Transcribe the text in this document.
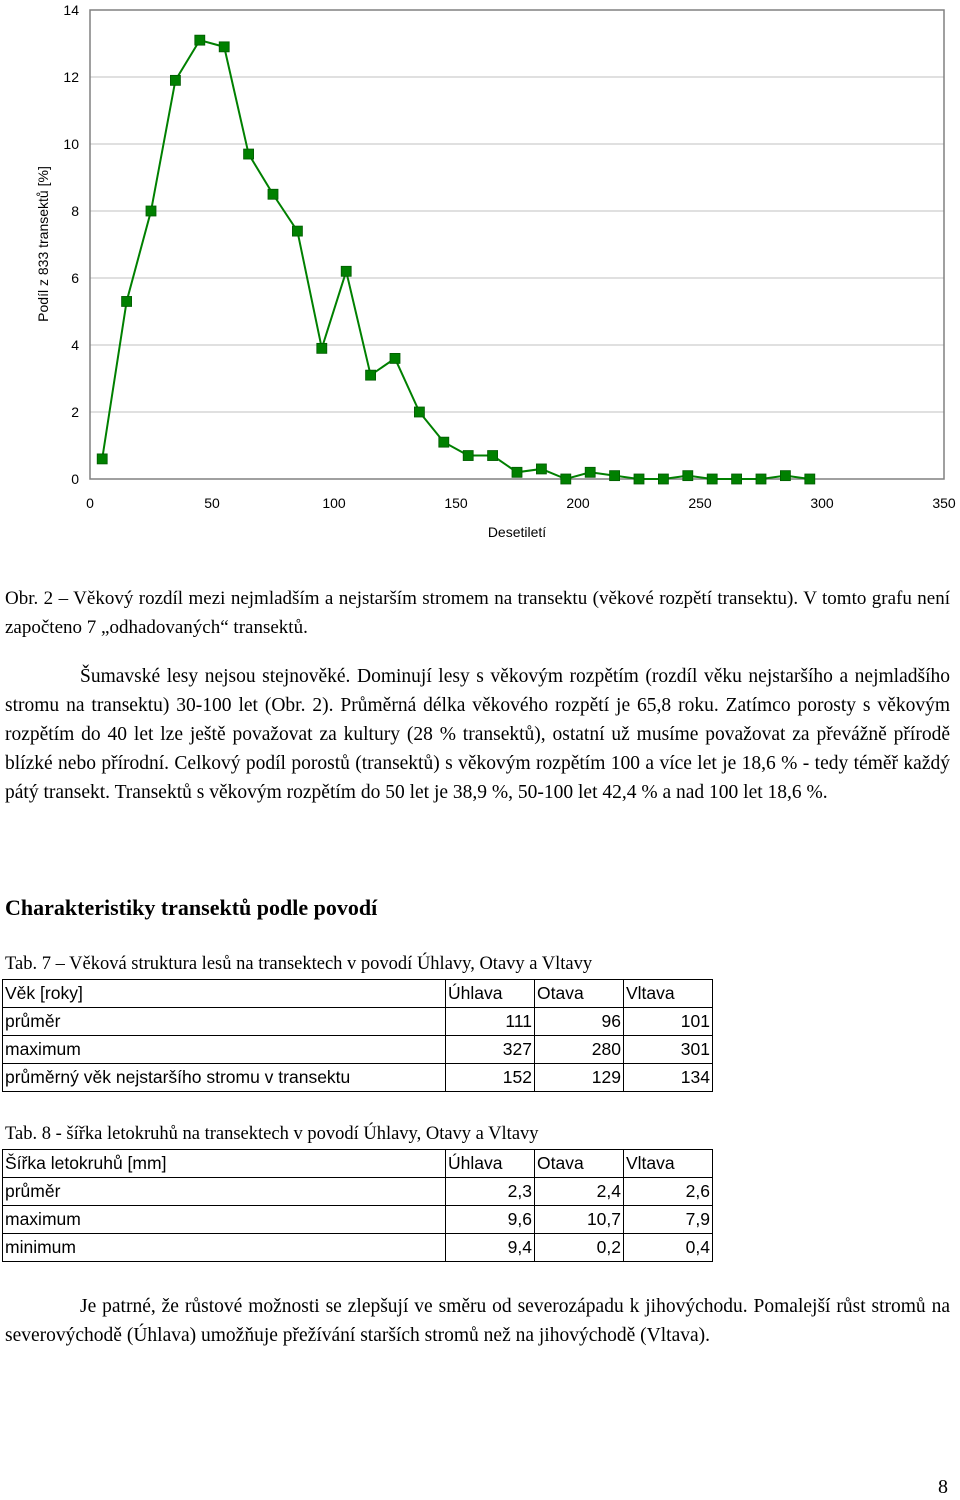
0
2
4
6
8
10
12
14
0	50	100	150	200	250	300	350
Desetiletí
Podíl z 833 transektů [%]

Obr. 2 – Věkový rozdíl mezi nejmladším a nejstarším stromem na transektu (věkové rozpětí transektu). V tomto grafu není započteno 7 „odhadovaných“ transektů.

Šumavské lesy nejsou stejnověké. Dominují lesy s věkovým rozpětím (rozdíl věku nejstaršího a nejmladšího stromu na transektu) 30-100 let (Obr. 2). Průměrná délka věkového rozpětí je 65,8 roku. Zatímco porosty s věkovým rozpětím do 40 let lze ještě považovat za kultury (28 % transektů), ostatní už musíme považovat za převážně přírodě blízké nebo přírodní. Celkový podíl porostů (transektů) s věkovým rozpětím 100 a více let je 18,6 % - tedy téměř každý pátý transekt. Transektů s věkovým rozpětím do 50 let je 38,9 %, 50-100 let 42,4 % a nad 100 let 18,6 %.

Charakteristiky transektů podle povodí

Tab. 7 – Věková struktura lesů na transektech v povodí Úhlavy, Otavy a Vltavy

Věk [roky]	Úhlava	Otava	Vltava
průměr	111	96	101
maximum	327	280	301
průměrný věk nejstaršího stromu v transektu	152	129	134

Tab. 8 - šířka letokruhů na transektech v povodí Úhlavy, Otavy a Vltavy

Šířka letokruhů [mm]	Úhlava	Otava	Vltava
průměr	2,3	2,4	2,6
maximum	9,6	10,7	7,9
minimum	9,4	0,2	0,4

Je patrné, že růstové možnosti se zlepšují ve směru od severozápadu k jihovýchodu. Pomalejší růst stromů na severovýchodě (Úhlava) umožňuje přežívání starších stromů než na jihovýchodě (Vltava).

8
